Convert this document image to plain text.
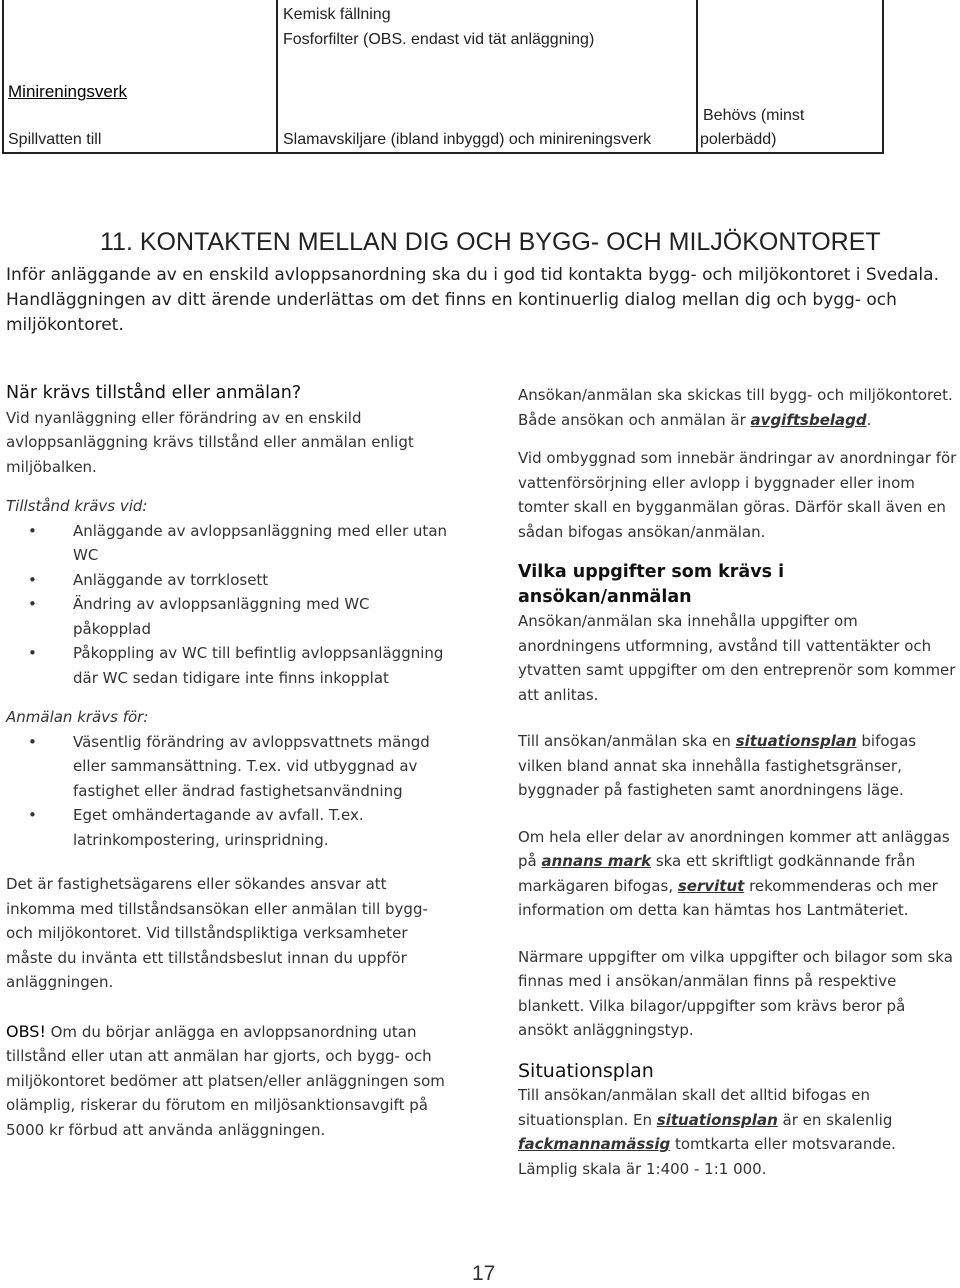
Kemisk fällning
Fosforfilter (OBS. endast vid tät anläggning)
Minireningsverk
Spillvatten till	Slamavskiljare (ibland inbyggd) och minireningsverk
Behövs (minst
polerbädd)
11. KONTAKTEN MELLAN DIG OCH BYGG- OCH MILJÖKONTORET
Inför anläggande av en enskild avloppsanordning ska du i god tid kontakta bygg- och miljökontoret i Svedala. Handläggningen av ditt ärende underlättas om det finns en kontinuerlig dialog mellan dig och bygg- och miljökontoret.

När krävs tillstånd eller anmälan?

Vid nyanläggning eller förändring av en enskild avloppsanläggning krävs tillstånd eller anmälan enligt miljöbalken.

Tillstånd krävs vid:

• Anläggande av avloppsanläggning med eller utan WC
• Anläggande av torrklosett
• Ändring av avloppsanläggning med WC påkopplad
• Påkoppling av WC till befintlig avloppsanläggning där WC sedan tidigare inte finns inkopplat

Anmälan krävs för:

• Väsentlig förändring av avloppsvattnets mängd eller sammansättning. T.ex. vid utbyggnad av fastighet eller ändrad fastighetsanvändning
• Eget omhändertagande av avfall. T.ex. latrinkompostering, urinspridning.

Det är fastighetsägarens eller sökandes ansvar att inkomma med tillståndsansökan eller anmälan till bygg- och miljökontoret. Vid tillståndspliktiga verksamheter måste du invänta ett tillståndsbeslut innan du uppför anläggningen.

OBS! Om du börjar anlägga en avloppsanordning utan tillstånd eller utan att anmälan har gjorts, och bygg- och miljökontoret bedömer att platsen/eller anläggningen som olämplig, riskerar du förutom en miljösanktionsavgift på 5000 kr förbud att använda anläggningen.

Ansökan/anmälan ska skickas till bygg- och miljökontoret. Både ansökan och anmälan är avgiftsbelagd.

Vid ombyggnad som innebär ändringar av anordningar för vattenförsörjning eller avlopp i byggnader eller inom tomter skall en bygganmälan göras. Därför skall även en sådan bifogas ansökan/anmälan.

Vilka uppgifter som krävs i ansökan/anmälan

Ansökan/anmälan ska innehålla uppgifter om anordningens utformning, avstånd till vattentäkter och ytvatten samt uppgifter om den entreprenör som kommer att anlitas.

Till ansökan/anmälan ska en situationsplan bifogas vilken bland annat ska innehålla fastighetsgränser, byggnader på fastigheten samt anordningens läge.

Om hela eller delar av anordningen kommer att anläggas på annans mark ska ett skriftligt godkännande från markägaren bifogas, servitut rekommenderas och mer information om detta kan hämtas hos Lantmäteriet.

Närmare uppgifter om vilka uppgifter och bilagor som ska finnas med i ansökan/anmälan finns på respektive blankett. Vilka bilagor/uppgifter som krävs beror på ansökt anläggningstyp.

Situationsplan

Till ansökan/anmälan skall det alltid bifogas en situationsplan. En situationsplan är en skalenlig fackmannamässig tomtkarta eller motsvarande. Lämplig skala är 1:400 - 1:1 000.

17
